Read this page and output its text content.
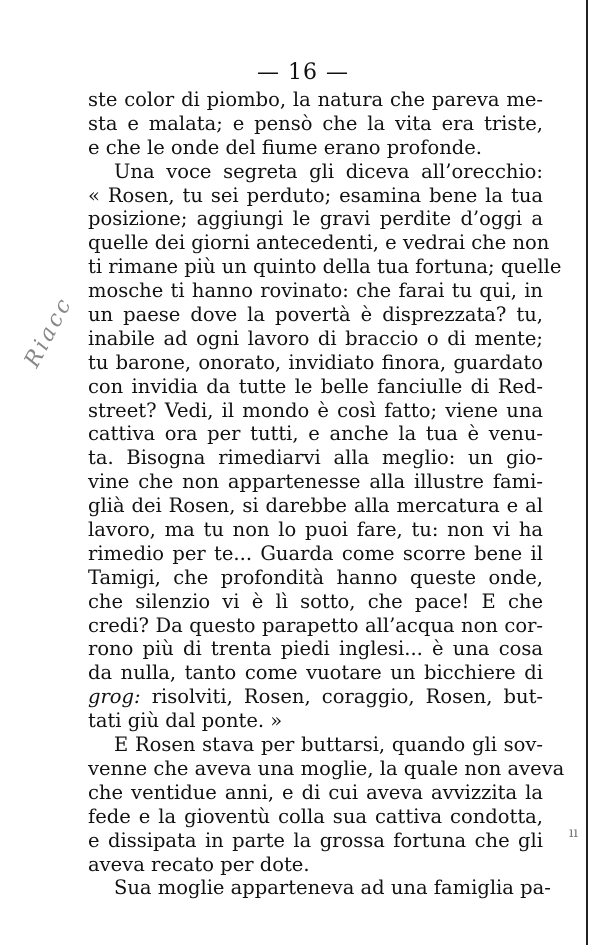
— 16 —
Riacc
ıı
ste color di piombo, la natura che pareva me-
sta e malata; e pensò che la vita era triste,
e che le onde del fiume erano profonde.
Una voce segreta gli diceva all’orecchio:
« Rosen, tu sei perduto; esamina bene la tua
posizione; aggiungi le gravi perdite d’oggi a
quelle dei giorni antecedenti, e vedrai che non
ti rimane più un quinto della tua fortuna; quelle
mosche ti hanno rovinato: che farai tu qui, in
un paese dove la povertà è disprezzata? tu,
inabile ad ogni lavoro di braccio o di mente;
tu barone, onorato, invidiato finora, guardato
con invidia da tutte le belle fanciulle di Red-
street? Vedi, il mondo è così fatto; viene una
cattiva ora per tutti, e anche la tua è venu-
ta. Bisogna rimediarvi alla meglio: un gio-
vine che non appartenesse alla illustre fami-
glià dei Rosen, si darebbe alla mercatura e al
lavoro, ma tu non lo puoi fare, tu: non vi ha
rimedio per te... Guarda come scorre bene il
Tamigi, che profondità hanno queste onde,
che silenzio vi è lì sotto, che pace! E che
credi? Da questo parapetto all’acqua non cor-
rono più di trenta piedi inglesi... è una cosa
da nulla, tanto come vuotare un bicchiere di
grog: risolviti, Rosen, coraggio, Rosen, but-
tati giù dal ponte. »
E Rosen stava per buttarsi, quando gli sov-
venne che aveva una moglie, la quale non aveva
che ventidue anni, e di cui aveva avvizzita la
fede e la gioventù colla sua cattiva condotta,
e dissipata in parte la grossa fortuna che gli
aveva recato per dote.
Sua moglie apparteneva ad una famiglia pa-
